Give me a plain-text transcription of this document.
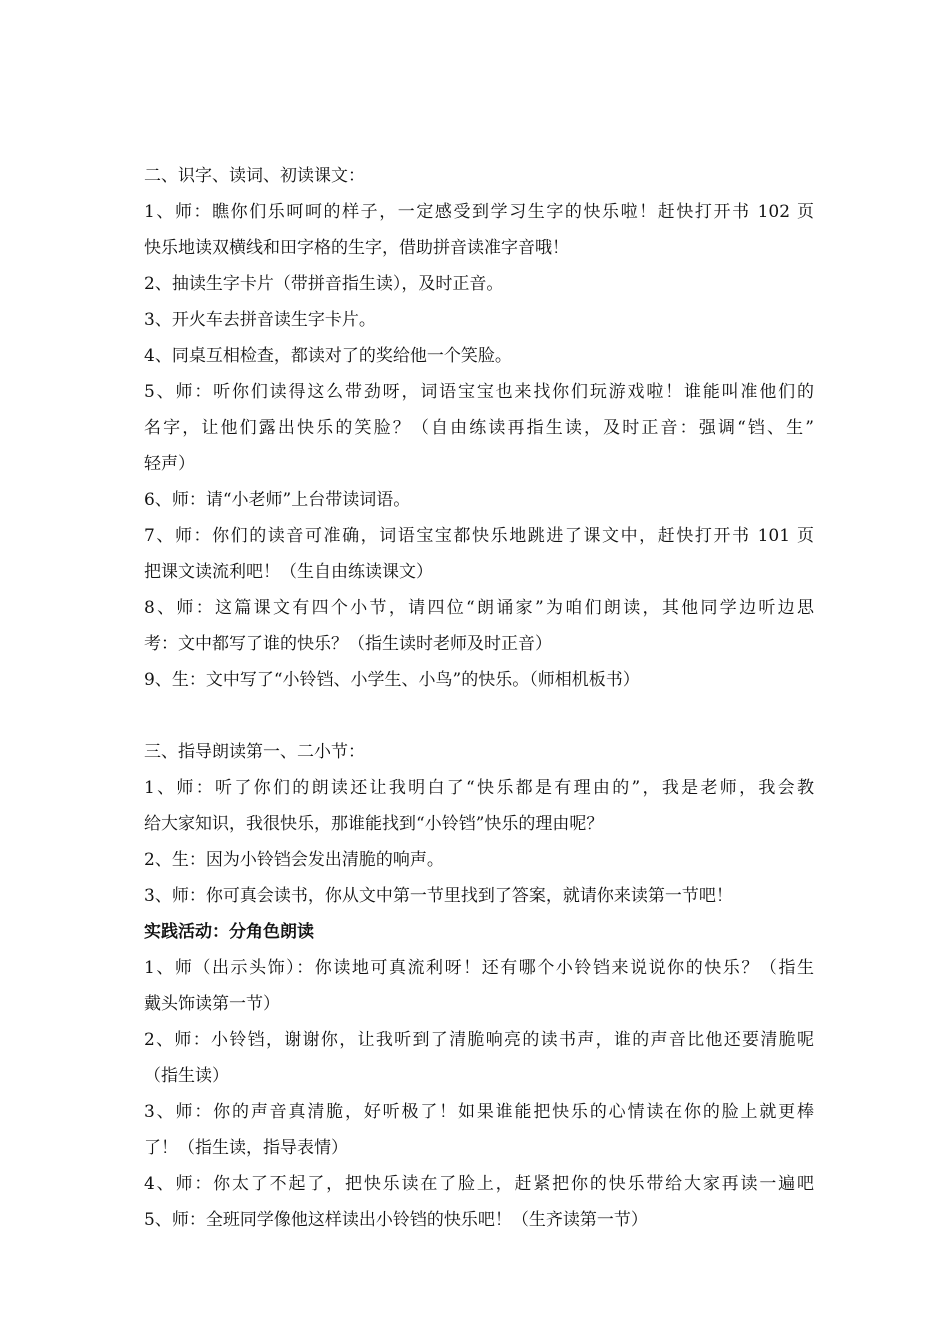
二、识字、读词、初读课文：
1、师：瞧你们乐呵呵的样子，一定感受到学习生字的快乐啦！赶快打开书 102 页
快乐地读双横线和田字格的生字，借助拼音读准字音哦！
2、抽读生字卡片（带拼音指生读），及时正音。
3、开火车去拼音读生字卡片。
4、同桌互相检查，都读对了的奖给他一个笑脸。
5、师：听你们读得这么带劲呀，词语宝宝也来找你们玩游戏啦！谁能叫准他们的
名字，让他们露出快乐的笑脸？（自由练读再指生读，及时正音：强调“铛、生”
轻声）
6、师：请“小老师”上台带读词语。
7、师：你们的读音可准确，词语宝宝都快乐地跳进了课文中，赶快打开书 101 页
把课文读流利吧！（生自由练读课文）
8、师：这篇课文有四个小节，请四位“朗诵家”为咱们朗读，其他同学边听边思
考：文中都写了谁的快乐？（指生读时老师及时正音）
9、生：文中写了“小铃铛、小学生、小鸟”的快乐。（师相机板书）
三、指导朗读第一、二小节：
1、师：听了你们的朗读还让我明白了“快乐都是有理由的”，我是老师，我会教
给大家知识，我很快乐，那谁能找到“小铃铛”快乐的理由呢？
2、生：因为小铃铛会发出清脆的响声。
3、师：你可真会读书，你从文中第一节里找到了答案，就请你来读第一节吧！
实践活动：分角色朗读
1、师（出示头饰）：你读地可真流利呀！还有哪个小铃铛来说说你的快乐？（指生
戴头饰读第一节）
2、师：小铃铛，谢谢你，让我听到了清脆响亮的读书声，谁的声音比他还要清脆呢
（指生读）
3、师：你的声音真清脆，好听极了！如果谁能把快乐的心情读在你的脸上就更棒
了！（指生读，指导表情）
4、师：你太了不起了，把快乐读在了脸上，赶紧把你的快乐带给大家再读一遍吧
5、师：全班同学像他这样读出小铃铛的快乐吧！（生齐读第一节）
